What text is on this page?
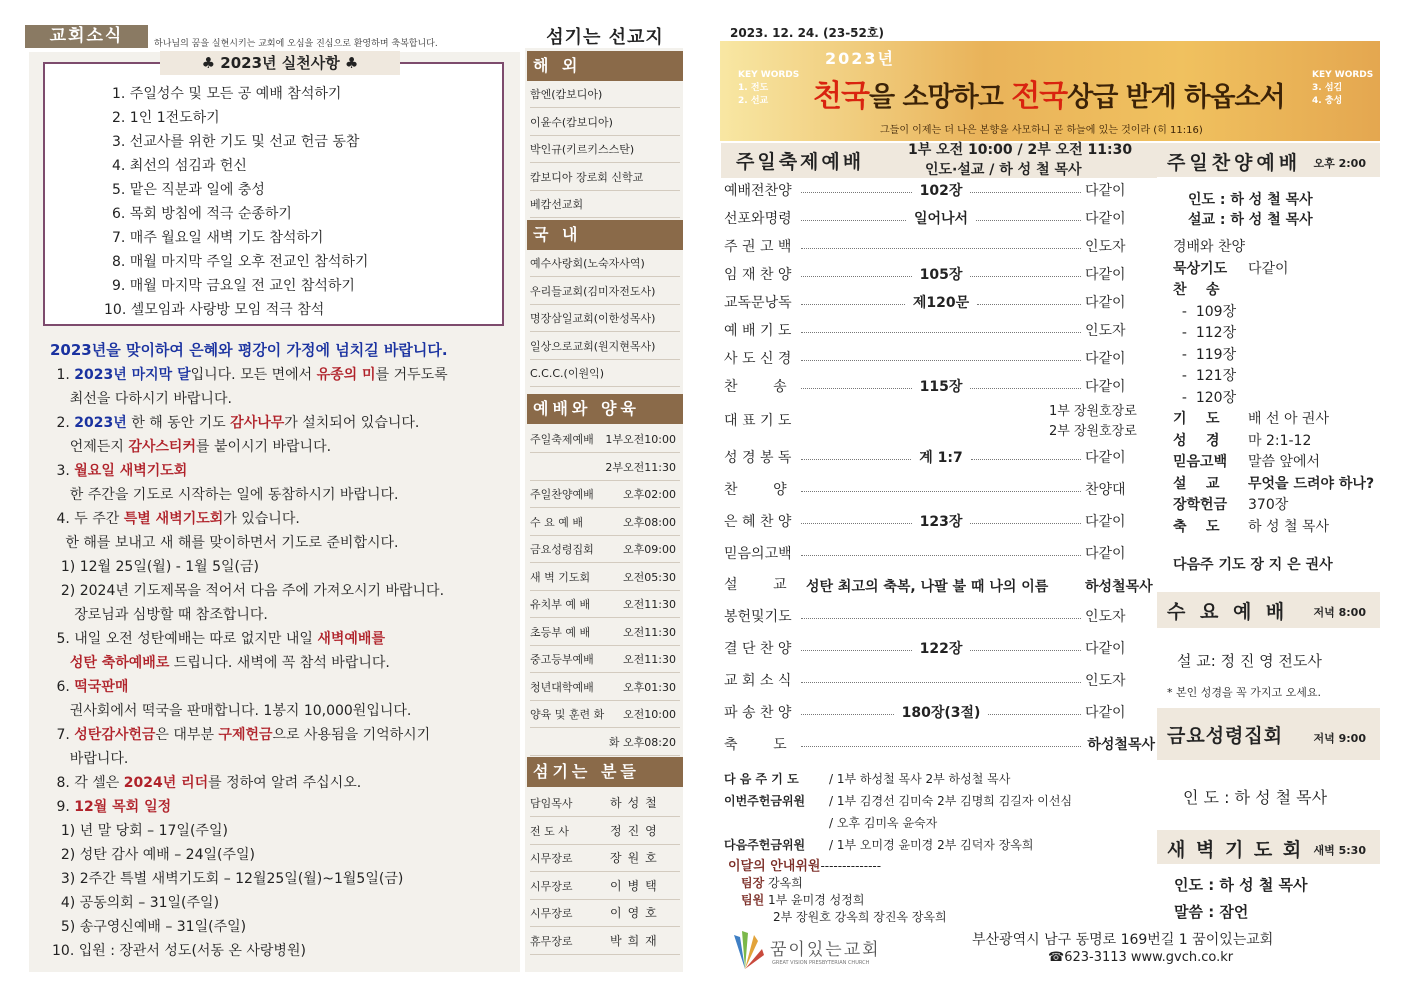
교회소식	하나님의 꿈을 실현시키는 교회에 오심을 진심으로 환영하며 축복합니다.
♣ 2023년 실천사항 ♣
1. 주일성수 및 모든 공 예배 참석하기
2. 1인 1전도하기
3. 선교사를 위한 기도 및 선교 헌금 동참
4. 최선의 섬김과 헌신
5. 맡은 직분과 일에 충성
6. 목회 방침에 적극 순종하기
7. 매주 월요일 새벽 기도 참석하기
8. 매월 마지막 주일 오후 전교인 참석하기
9. 매월 마지막 금요일 전 교인 참석하기
10. 셀모임과 사랑방 모임 적극 참석
2023년을 맞이하여 은혜와 평강이 가정에 넘치길 바랍니다.
1. 2023년 마지막 달입니다. 모든 면에서 유종의 미를 거두도록
최선을 다하시기 바랍니다.
2. 2023년 한 해 동안 기도 감사나무가 설치되어 있습니다.
언제든지 감사스티커를 붙이시기 바랍니다.
3. 월요일 새벽기도회
한 주간을 기도로 시작하는 일에 동참하시기 바랍니다.
4. 두 주간 특별 새벽기도회가 있습니다.
한 해를 보내고 새 해를 맞이하면서 기도로 준비합시다.
1) 12월 25일(월) - 1월 5일(금)
2) 2024년 기도제목을 적어서 다음 주에 가져오시기 바랍니다.
장로님과 심방할 때 참조합니다.
5. 내일 오전 성탄예배는 따로 없지만 내일 새벽예배를
성탄 축하예배로 드립니다. 새벽에 꼭 참석 바랍니다.
6. 떡국판매
권사회에서 떡국을 판매합니다. 1봉지 10,000원입니다.
7. 성탄감사헌금은 대부분 구제헌금으로 사용됨을 기억하시기
바랍니다.
8. 각 셀은 2024년 리더를 정하여 알려 주십시오.
9. 12월 목회 일정
1) 년 말 당회 – 17일(주일)
2) 성탄 감사 예배 – 24일(주일)
3) 2주간 특별 새벽기도회 – 12월25일(월)~1월5일(금)
4) 공동의회 – 31일(주일)
5) 송구영신예배 – 31일(주일)
10. 입원 : 장관서 성도(서동 온 사랑병원)
섬기는 선교지
해 외
함엔(캄보디아)
이윤수(캄보디아)
박인규(키르키스스탄)
캄보디아 장로회 신학교
베캄선교회
국 내
예수사랑회(노숙자사역)
우리들교회(김미자전도사)
명장삼일교회(이한성목사)
일상으로교회(원지현목사)
C.C.C.(이원익)
예배와 양육
주일축제예배 1부오전10:00
2부오전11:30
주일찬양예배	오후02:00
수 요 예 배	오후08:00
금요성령집회	오후09:00
새 벽 기도회	오전05:30
유치부 예 배	오전11:30
초등부 예 배	오전11:30
중고등부예배	오전11:30
청년대학예배	오후01:30
양육 및 훈련 화 오전10:00
화 오후08:20
섬기는 분들
담임목사	하성철
전 도 사	정진영
시무장로	장원호
시무장로	이병택
시무장로	이영호
휴무장로	박희재
2023. 12. 24. (23-52호)
2023년
KEY WORDS
1. 전도
2. 선교
KEY WORDS
3. 섬김
4. 충성
천국을 소망하고 전국상급 받게 하옵소서
그들이 이제는 더 나은 본향을 사모하니 곧 하늘에 있는 것이라 (히 11:16)
주일축제예배
1부 오전 10:00 / 2부 오전 11:30
인도·설교 / 하 성 철 목사
예배전찬양	102장	다같이
선포와명령	일어나서	다같이
주 권 고 백	인도자
임 재 찬 양	105장	다같이
교독문낭독	제120문	다같이
예 배 기 도	인도자
사 도 신 경	다같이
찬        송	115장	다같이
대 표 기 도
성 경 봉 독	계 1:7	다같이
찬        양	찬양대
은 혜 찬 양	123장	다같이
믿음의고백	다같이
설        교
봉헌및기도	인도자
결 단 찬 양	122장	다같이
교 회 소 식	인도자
파 송 찬 양	180장(3절)	다같이
축        도	하성철목사
1부 장원호장로
2부 장원호장로
성탄 최고의 축복, 나팔 불 때 나의 이름	하성철목사
다 음 주 기 도	/ 1부 하성철 목사 2부 하성철 목사
이번주헌금위원	/ 1부 김경선 김미숙 2부 김명희 김길자 이선심
/ 오후 김미옥 윤숙자
다음주헌금위원	/ 1부 오미경 윤미경 2부 김덕자 장옥희
이달의 안내위원--------------
팀장 강옥희
팀원 1부 윤미경 성정희
2부 장원호 강옥희 장진옥 장옥희
꿈이있는교회
GREAT VISION PRESBYTERIAN CHURCH
부산광역시 남구 동명로 169번길 1 꿈이있는교회
☎623-3113 www.gvch.co.kr
주일찬양예배 오후 2:00
인도 : 하 성 철 목사
설교 : 하 성 철 목사
경배와 찬양
묵상기도	다같이
찬    송
-  109장
-  112장
-  119장
-  121장
-  120장
기    도	배 선 아 권사
성    경	마 2:1-12
믿음고백	말씀 앞에서
설    교	무엇을 드려야 하나?
장학헌금	370장
축    도	하 성 철 목사
다음주 기도 장 지 은 권사
수 요 예 배 저녁 8:00
설 교: 정 진 영 전도사
* 본인 성경을 꼭 가지고 오세요.
금요성령집회	저녁 9:00
인 도 : 하 성 철 목사
새 벽 기 도 회 새벽 5:30
인도 : 하 성 철 목사
말씀 : 잠언
